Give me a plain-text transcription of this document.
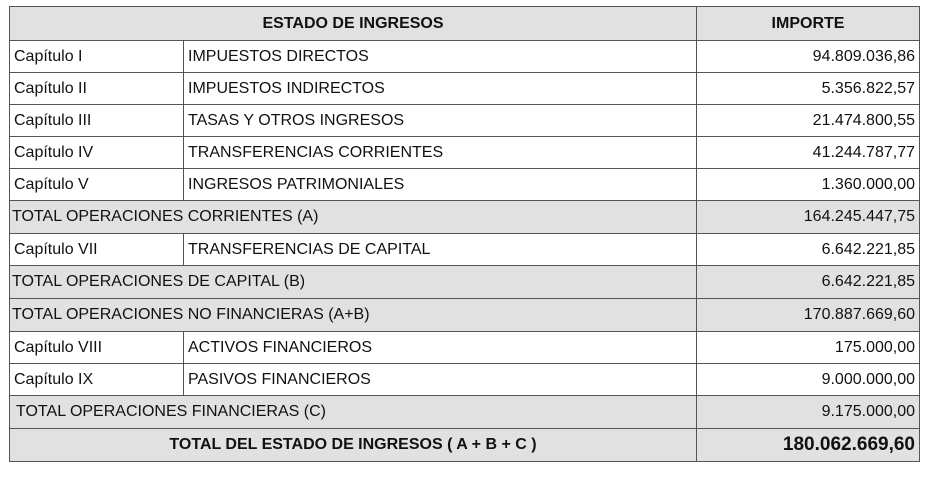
ESTADO DE INGRESOS		IMPORTE
Capítulo I	IMPUESTOS DIRECTOS	94.809.036,86
Capítulo II	IMPUESTOS INDIRECTOS	5.356.822,57
Capítulo III	TASAS Y OTROS INGRESOS	21.474.800,55
Capítulo IV	TRANSFERENCIAS CORRIENTES	41.244.787,77
Capítulo V	INGRESOS PATRIMONIALES	1.360.000,00
TOTAL OPERACIONES CORRIENTES (A)		164.245.447,75
Capítulo VII	TRANSFERENCIAS DE CAPITAL	6.642.221,85
TOTAL OPERACIONES DE CAPITAL (B)		6.642.221,85
TOTAL OPERACIONES NO FINANCIERAS (A+B)		170.887.669,60
Capítulo VIII	ACTIVOS FINANCIEROS	175.000,00
Capítulo IX	PASIVOS FINANCIEROS	9.000.000,00
TOTAL OPERACIONES FINANCIERAS (C)		9.175.000,00
TOTAL DEL ESTADO DE INGRESOS ( A + B + C )		180.062.669,60
